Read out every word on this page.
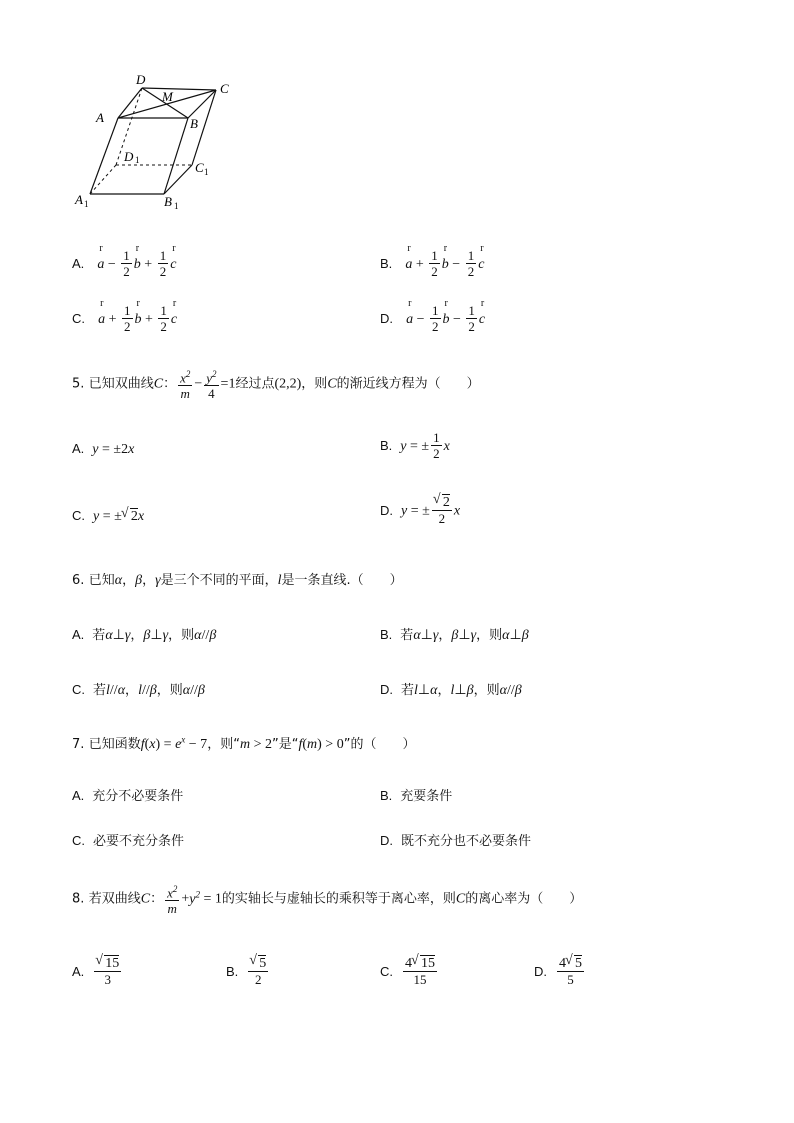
D
C
M
A	B
D 1	C 1
A 1	B 1
A. a
r
− $\frac{1}{2}$ b
r
+ $\frac{1}{2}$ c
r
B. a
r
+ $\frac{1}{2}$ b
r
− $\frac{1}{2}$ c
r
C. a
r
+ $\frac{1}{2}$ b
r
+ $\frac{1}{2}$ c
r
D. a
r
− $\frac{1}{2}$ b
r
− $\frac{1}{2}$ c
r
5. 已知双曲线C： $\frac{x^2}{m} - \frac{y^2}{4} =1$经过点(2,2)，则C的渐近线方程为（　　）
A. y = ±2x	B. y = ± $\frac{1}{2}$ x
C. y = ± √ 2x	D. y = ± √ $\frac{2}{2}$ x
6. 已知α，β，γ是三个不同的平面，l是一条直线.（　　）
A. 若α⊥γ，β⊥γ，则α//β	B. 若α⊥γ，β⊥γ，则α⊥β
C. 若l//α，l//β，则α//β	D. 若l⊥α，l⊥β，则α//β
7. 已知函数$f(x) = e^x - 7$，则“m > 2”是“f(m) > 0”的（　　）
A. 充分不必要条件	B. 充要条件
C. 必要不充分条件	D. 既不充分也不必要条件
8. 若双曲线C： $\frac{x^2}{m} +y^2 = 1$的实轴长与虚轴长的乘积等于离心率，则C的离心率为（　　）
A. √ $\frac{15}{3}$	B. √ $\frac{5}{2}$	C. $\frac{4 √ 15}{15}$	D. $\frac{4 √ 5}{5}$
